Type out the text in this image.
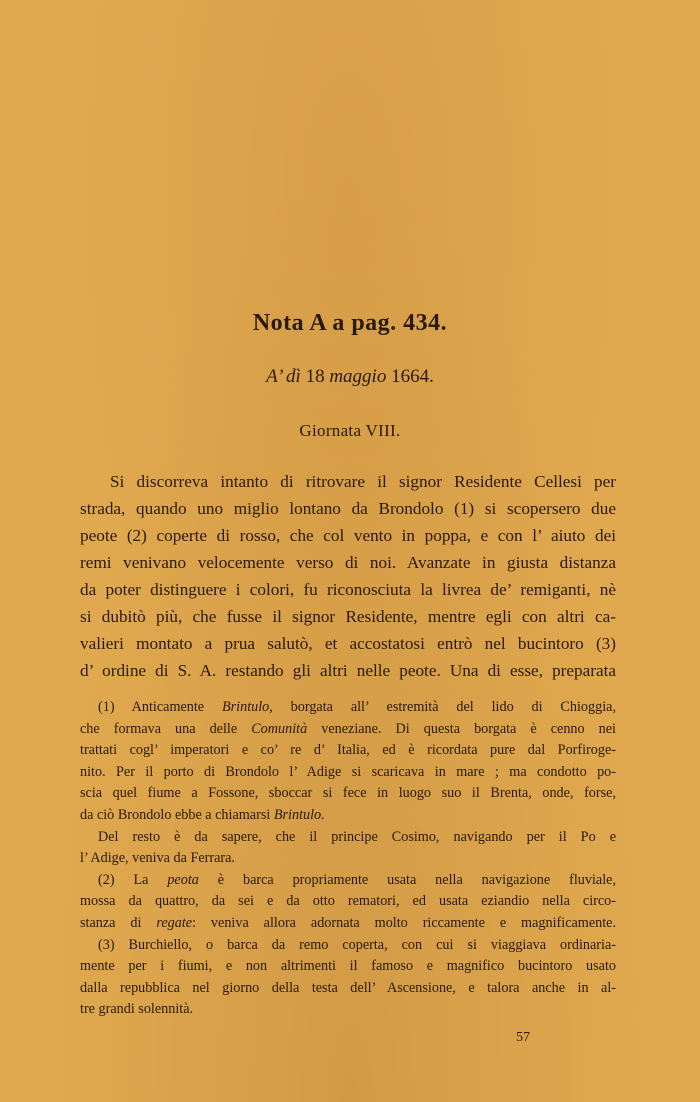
Nota A a pag. 434.
A’ dì 18 maggio 1664.
Giornata VIII.
Si discorreva intanto di ritrovare il signor Residente Cellesi per
strada, quando uno miglio lontano da Brondolo (1) si scopersero due
peote (2) coperte di rosso, che col vento in poppa, e con l’ aiuto dei
remi venivano velocemente verso di noi. Avanzate in giusta distanza
da poter distinguere i colori, fu riconosciuta la livrea de’ remiganti, nè
si dubitò più, che fusse il signor Residente, mentre egli con altri ca-
valieri montato a prua salutò, et accostatosi entrò nel bucintoro (3)
d’ ordine di S. A. restando gli altri nelle peote. Una di esse, preparata
(1) Anticamente Brintulo, borgata all’ estremità del lido di Chioggia,
che formava una delle Comunità veneziane. Di questa borgata è cenno nei
trattati cogl’ imperatori e co’ re d’ Italia, ed è ricordata pure dal Porfiroge-
nito. Per il porto di Brondolo l’ Adige si scaricava in mare ; ma condotto po-
scia quel fiume a Fossone, sboccar si fece in luogo suo il Brenta, onde, forse,
da ciò Brondolo ebbe a chiamarsi Brintulo.
Del resto è da sapere, che il principe Cosimo, navigando per il Po e
l’ Adige, veniva da Ferrara.
(2) La peota è barca propriamente usata nella navigazione fluviale,
mossa da quattro, da sei e da otto rematori, ed usata eziandio nella circo-
stanza di regate: veniva allora adornata molto riccamente e magnificamente.
(3) Burchiello, o barca da remo coperta, con cui si viaggiava ordinaria-
mente per i fiumi, e non altrimenti il famoso e magnifico bucintoro usato
dalla repubblica nel giorno della testa dell’ Ascensione, e talora anche in al-
tre grandi solennità.
57
